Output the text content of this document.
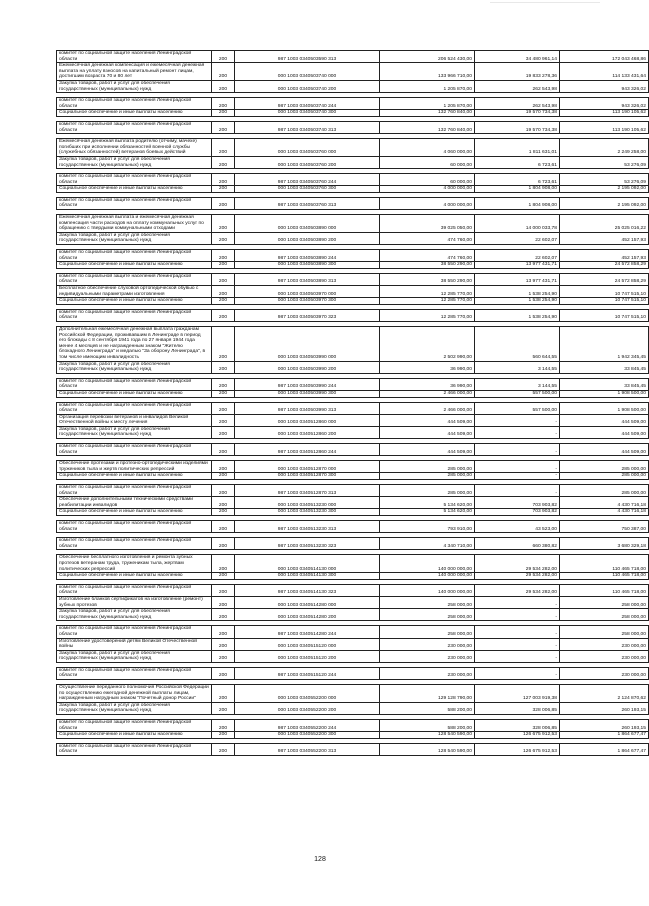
комитет по социальной защите населения Ленинградской области	200	987 1003 0340503590 313	206 524 430,00	34 480 961,14	172 043 468,86
Ежемесячная денежная компенсация и ежемесячная денежная выплата на уплату взносов на капитальный ремонт лицам, достигшим возраста 70 и 80 лет	200	000 1003 0340503740 000	133 966 710,00	19 833 278,36	114 133 431,64
Закупка товаров, работ и услуг для обеспечения государственных (муниципальных) нужд	200	000 1003 0340503740 200	1 205 870,00	262 543,98	943 326,02

комитет по социальной защите населения Ленинградской области	200	987 1003 0340503740 244	1 205 870,00	262 543,98	943 326,02
Социальное обеспечение и иные выплаты населению	200	000 1003 0340503740 300	132 760 840,00	19 570 734,38	113 190 105,62

комитет по социальной защите населения Ленинградской области	200	987 1003 0340503740 313	132 760 840,00	19 570 734,38	113 190 105,62

Ежемесячная денежная выплата родителю (отчиму, мачехе) погибших при исполнении обязанностей военной службы (служебных обязанностей) ветеранов боевых действий	200	000 1003 0340503760 000	4 060 000,00	1 811 631,01	2 249 258,00
Закупка товаров, работ и услуг для обеспечения государственных (муниципальных) нужд	200	000 1003 0340503760 200	60 000,00	6 723,61	53 276,09

комитет по социальной защите населения Ленинградской области	200	987 1003 0340503760 244	60 000,00	6 723,61	53 276,09
Социальное обеспечение и иные выплаты населению	200	000 1003 0340503760 300	4 000 000,00	1 804 908,00	2 195 092,00

комитет по социальной защите населения Ленинградской области	200	987 1003 0340503760 313	4 000 000,00	1 804 908,00	2 195 092,00

Ежемесячная денежная выплата и ежемесячная денежная компенсация части расходов на оплату коммунальных услуг по обращению с твердыми коммунальными отходами	200	000 1003 0340503890 000	39 025 050,00	14 000 033,78	25 025 016,22
Закупка товаров, работ и услуг для обеспечения государственных (муниципальных) нужд	200	000 1003 0340503890 200	474 760,00	22 602,07	452 157,93

комитет по социальной защите населения Ленинградской области	200	987 1003 0340503890 244	474 760,00	22 602,07	452 157,93
Социальное обеспечение и иные выплаты населению	200	000 1003 0340503890 300	38 550 290,00	13 977 431,71	24 572 858,29

комитет по социальной защите населения Ленинградской области	200	987 1003 0340503890 313	38 550 290,00	13 977 431,71	24 572 858,29
Бесплатное обеспечение слуховой ортопедической обувью с индивидуальными параметрами изготовления	200	000 1003 0340503970 000	12 285 770,00	1 538 254,90	10 747 515,10
Социальное обеспечение и иные выплаты населению	200	000 1003 0340503970 300	12 285 770,00	1 538 254,90	10 747 515,10

комитет по социальной защите населения Ленинградской области	200	987 1003 0340503970 323	12 285 770,00	1 538 254,90	10 747 515,10

Дополнительная ежемесячная денежная выплата гражданам Российской Федерации, проживавшим в Ленинграде в период его блокады с 8 сентября 1941 года по 27 января 1944 года менее 4 месяцев и не награжденным знаком "Жителю блокадного Ленинграда" и медалью "За оборону Ленинграда", в том числе имеющим инвалидность	200	000 1003 0340503990 000	2 502 990,00	560 644,55	1 942 345,45
Закупка товаров, работ и услуг для обеспечения государственных (муниципальных) нужд	200	000 1003 0340503990 200	36 990,00	3 144,55	33 845,45

комитет по социальной защите населения Ленинградской области	200	987 1003 0340503990 244	36 990,00	3 144,55	33 845,45
Социальное обеспечение и иные выплаты населению	200	000 1003 0340503990 300	2 466 000,00	557 500,00	1 908 500,00

комитет по социальной защите населения Ленинградской области	200	987 1003 0340503990 313	2 466 000,00	557 500,00	1 908 500,00
Организация перевозки ветеранов и инвалидов Великой Отечественной войны к месту лечения	200	000 1003 0340512860 000	444 509,00	-	444 509,00
Закупка товаров, работ и услуг для обеспечения государственных (муниципальных) нужд	200	000 1003 0340512860 200	444 509,00	-	444 509,00

комитет по социальной защите населения Ленинградской области	200	987 1003 0340512860 244	444 509,00	-	444 509,00

Обеспечение протезами и протезно-ортопедическими изделиями тружеников тыла и жертв политических репрессий	200	000 1003 0340512870 000	285 000,00	-	285 000,00
Социальное обеспечение и иные выплаты населению	200	000 1003 0340512870 300	285 000,00	-	285 000,00

комитет по социальной защите населения Ленинградской области	200	987 1003 0340512870 313	285 000,00	-	285 000,00
Обеспечение дополнительными техническими средствами реабилитации инвалидов	200	000 1003 0340513230 000	5 134 620,00	703 903,82	4 430 716,18
Социальное обеспечение и иные выплаты населению	200	000 1003 0340513230 300	5 134 620,00	703 903,82	4 430 716,18

комитет по социальной защите населения Ленинградской области	200	987 1003 0340513230 313	793 910,00	43 523,00	750 387,00

комитет по социальной защите населения Ленинградской области	200	987 1003 0340513230 323	4 340 710,00	660 380,82	3 680 329,18

Обеспечение бесплатного изготовления и ремонта зубных протезов ветеранам труда, труженикам тыла, жертвам политических репрессий	200	000 1003 0340514130 000	140 000 000,00	29 534 282,00	110 465 718,00
Социальное обеспечение и иные выплаты населению	200	000 1003 0340514130 300	140 000 000,00	29 534 282,00	110 465 718,00

комитет по социальной защите населения Ленинградской области	200	987 1003 0340514130 323	140 000 000,00	29 534 282,00	110 465 718,00
Изготовление бланков сертификатов на изготовление (ремонт) зубных протезов	200	000 1003 0340514280 000	258 000,00	-	258 000,00
Закупка товаров, работ и услуг для обеспечения государственных (муниципальных) нужд	200	000 1003 0340514280 200	258 000,00	-	258 000,00

комитет по социальной защите населения Ленинградской области	200	987 1003 0340514280 244	258 000,00	-	258 000,00
Изготовление удостоверений детям Великой Отечественной войны	200	000 1003 0340515120 000	230 000,00	-	230 000,00
Закупка товаров, работ и услуг для обеспечения государственных (муниципальных) нужд	200	000 1003 0340515120 200	230 000,00	-	230 000,00

комитет по социальной защите населения Ленинградской области	200	987 1003 0340515120 244	230 000,00	-	230 000,00

Осуществление переданного полномочия Российской Федерации по осуществлению ежегодной денежной выплаты лицам, награжденным нагрудным знаком "Почетный донор России"	200	000 1003 0340552200 000	129 128 790,00	127 003 919,38	2 124 870,62
Закупка товаров, работ и услуг для обеспечения государственных (муниципальных) нужд	200	000 1003 0340552200 200	588 200,00	328 006,85	260 193,15

комитет по социальной защите населения Ленинградской области	200	987 1003 0340552200 244	588 200,00	328 006,85	260 193,15
Социальное обеспечение и иные выплаты населению	200	000 1003 0340552200 300	128 540 590,00	126 675 912,53	1 864 677,47

комитет по социальной защите населения Ленинградской области	200	987 1003 0340552200 313	128 540 590,00	126 675 912,53	1 864 677,47
128
